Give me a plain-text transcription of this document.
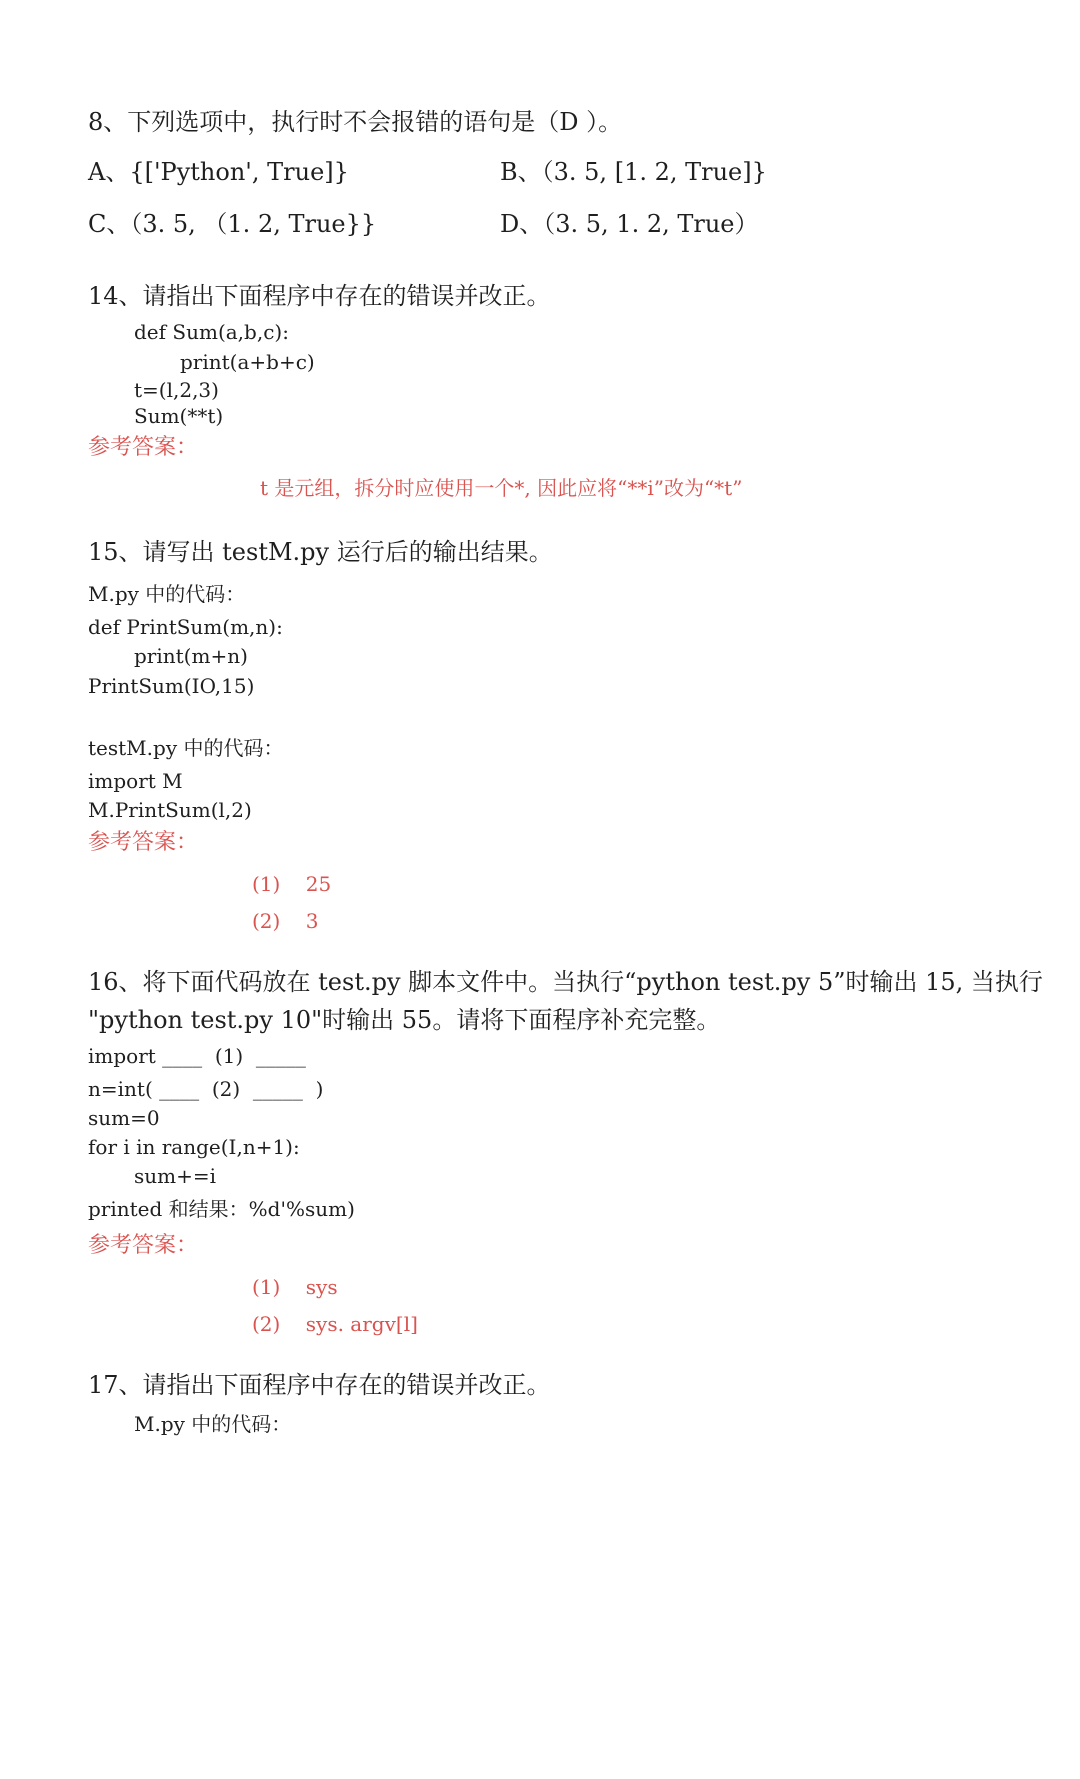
8、下列选项中，执行时不会报错的语句是（D ）。
A、{['Python', True]}	B、（3. 5, [1. 2, True]}
C、（3. 5, （1. 2, True}}	D、（3. 5, 1. 2, True）
14、请指出下面程序中存在的错误并改正。
def Sum(a,b,c):
print(a+b+c)
t=(l,2,3)
Sum(**t)
参考答案：
t 是元组，拆分时应使用一个*, 因此应将“**i”改为“*t”
15、请写出 testM.py 运行后的输出结果。
M.py 中的代码：
def PrintSum(m,n):
print(m+n)
PrintSum(IO,15)
testM.py 中的代码：
import M
M.PrintSum(l,2)
参考答案：
(1)    25
(2)    3
16、将下面代码放在 test.py 脚本文件中。当执行“python test.py 5”时输出 15, 当执行
"python test.py 10"时输出 55。请将下面程序补充完整。
import ____  (1)  _____
n=int( ____  (2)  _____  )
sum=0
for i in range(I,n+1):
sum+=i
printed 和结果：%d'%sum)
参考答案：
(1)    sys
(2)    sys. argv[l]
17、请指出下面程序中存在的错误并改正。
M.py 中的代码：
